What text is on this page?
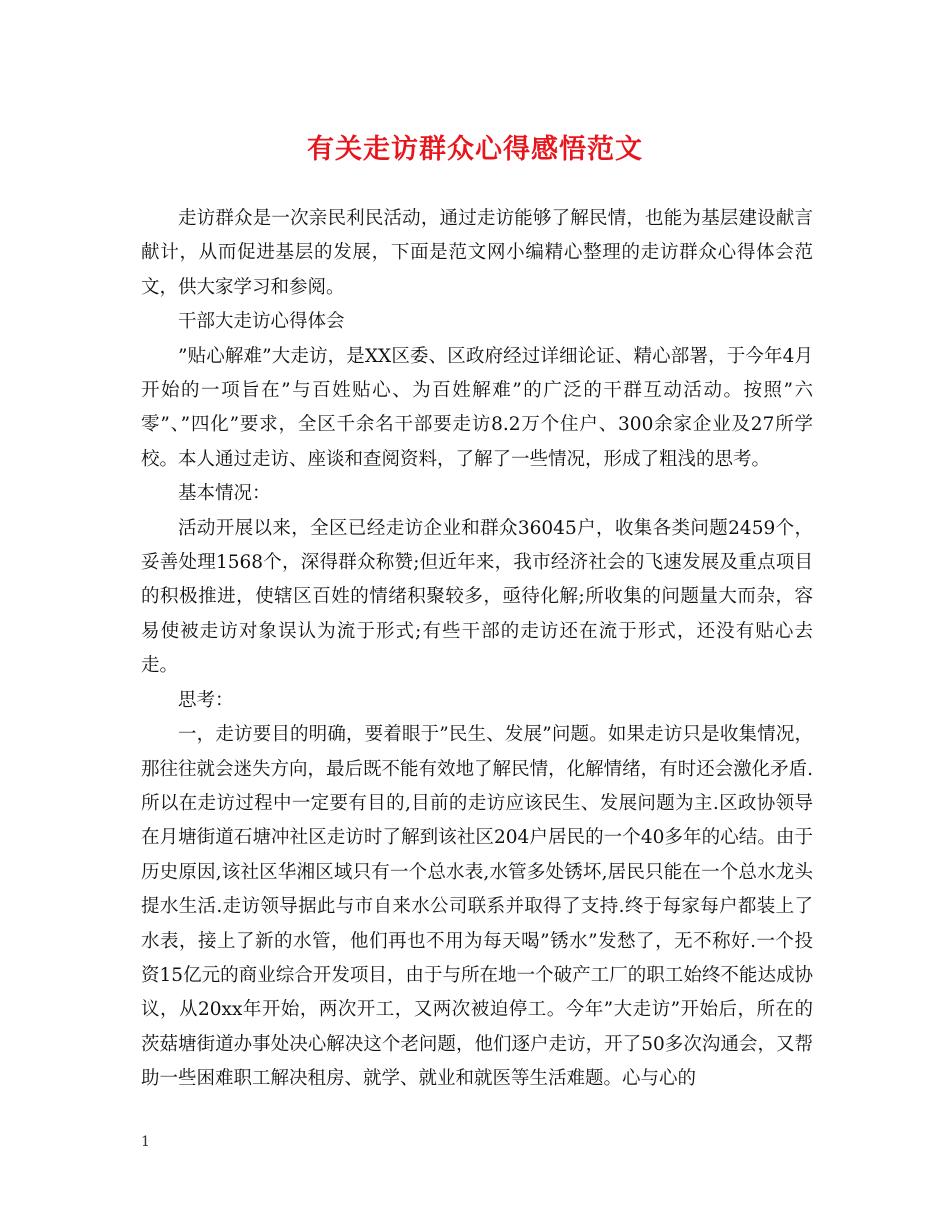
有关走访群众心得感悟范文

走访群众是一次亲民利民活动，通过走访能够了解民情，也能为基层建设献言献计，从而促进基层的发展，下面是范文网小编精心整理的走访群众心得体会范文，供大家学习和参阅。

干部大走访心得体会

”贴心解难”大走访，是XX区委、区政府经过详细论证、精心部署，于今年4月开始的一项旨在”与百姓贴心、为百姓解难”的广泛的干群互动活动。按照”六零”、”四化”要求，全区千余名干部要走访8.2万个住户、300余家企业及27所学校。本人通过走访、座谈和查阅资料，了解了一些情况，形成了粗浅的思考。

基本情况：

活动开展以来，全区已经走访企业和群众36045户，收集各类问题2459个，妥善处理1568个，深得群众称赞;但近年来，我市经济社会的飞速发展及重点项目的积极推进，使辖区百姓的情绪积聚较多，亟待化解;所收集的问题量大而杂，容易使被走访对象误认为流于形式;有些干部的走访还在流于形式，还没有贴心去走。

思考：

一，走访要目的明确，要着眼于”民生、发展”问题。如果走访只是收集情况，那往往就会迷失方向，最后既不能有效地了解民情，化解情绪，有时还会激化矛盾.所以在走访过程中一定要有目的,目前的走访应该民生、发展问题为主.区政协领导在月塘街道石塘冲社区走访时了解到该社区204户居民的一个40多年的心结。由于历史原因,该社区华湘区域只有一个总水表,水管多处锈坏,居民只能在一个总水龙头提水生活.走访领导据此与市自来水公司联系并取得了支持.终于每家每户都装上了水表，接上了新的水管，他们再也不用为每天喝”锈水”发愁了，无不称好.一个投资15亿元的商业综合开发项目，由于与所在地一个破产工厂的职工始终不能达成协议，从20xx年开始，两次开工，又两次被迫停工。今年”大走访”开始后，所在的茨菇塘街道办事处决心解决这个老问题，他们逐户走访，开了50多次沟通会，又帮助一些困难职工解决租房、就学、就业和就医等生活难题。心与心的

1
